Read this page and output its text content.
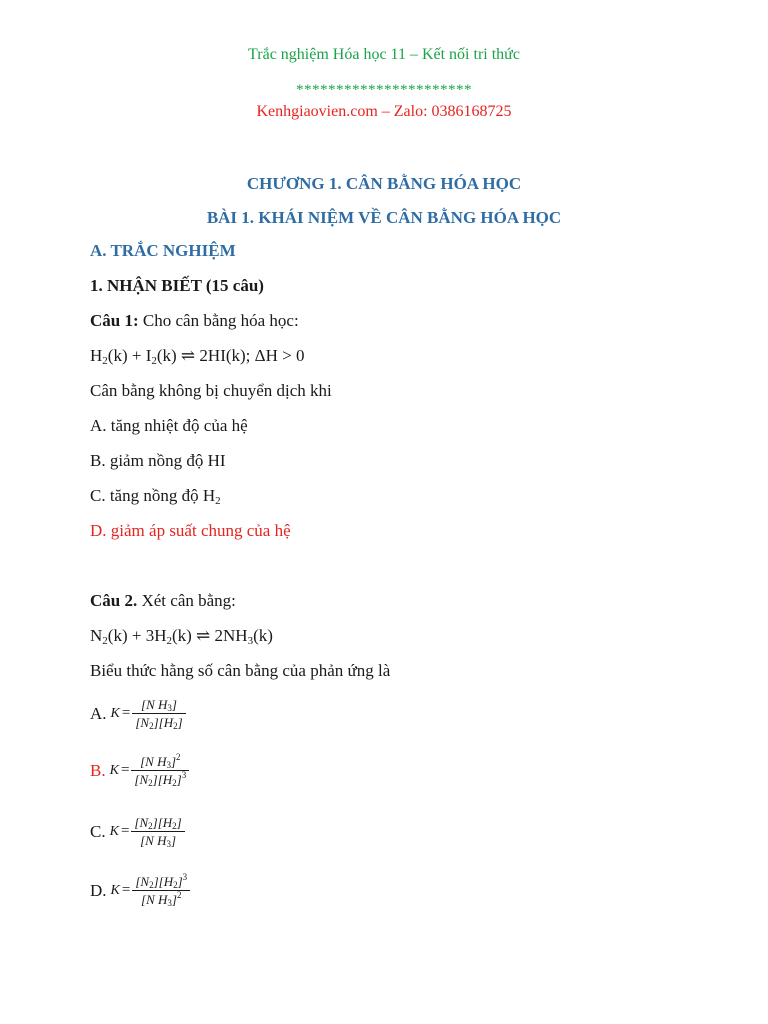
Trắc nghiệm Hóa học 11 – Kết nối tri thức
**********************
Kenhgiaovien.com – Zalo: 0386168725
CHƯƠNG 1. CÂN BẰNG HÓA HỌC
BÀI 1. KHÁI NIỆM VỀ CÂN BẰNG HÓA HỌC
A. TRẮC NGHIỆM
1. NHẬN BIẾT (15 câu)
Câu 1: Cho cân bằng hóa học:
$H_2(k) + I_2(k)$ ⇌ 2HI(k); ΔH > 0
Cân bằng không bị chuyển dịch khi
A. tăng nhiệt độ của hệ
B. giảm nồng độ HI
C. tăng nồng độ $H_2$
D. giảm áp suất chung của hệ
Câu 2. Xét cân bằng:
$N_2(k) + 3H_2(k)$ ⇌ $2NH_3(k)$
Biểu thức hằng số cân bằng của phản ứng là
A. $K = \frac{[N H_3]}{[N_2][H_2]}$
B. $K = \frac{[N H_3]^2}{[N_2][H_2]^3}$
C. $K = \frac{[N_2][H_2]}{[N H_3]}$
D. $K = \frac{[N_2][H_2]^3}{[N H_3]^2}$
